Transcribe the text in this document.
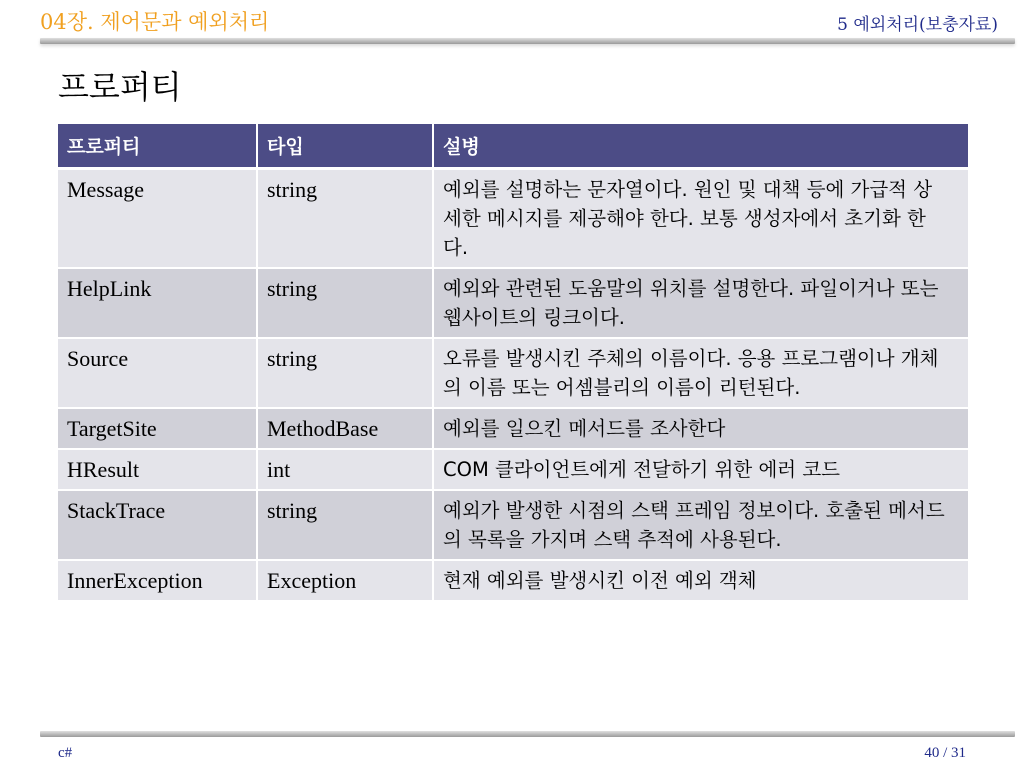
04장. 제어문과 예외처리	5 예외처리(보충자료)
프로퍼티
프로퍼티	타입	설병
Message	string	예외를 설명하는 문자열이다. 원인 및 대책 등에 가급적 상세한 메시지를 제공해야 한다. 보통 생성자에서 초기화 한다.
HelpLink	string	예외와 관련된 도움말의 위치를 설명한다. 파일이거나 또는 웹사이트의 링크이다.
Source	string	오류를 발생시킨 주체의 이름이다. 응용 프로그램이나 개체의 이름 또는 어셈블리의 이름이 리턴된다.
TargetSite	MethodBase	예외를 일으킨 메서드를 조사한다
HResult	int	COM 클라이언트에게 전달하기 위한 에러 코드
StackTrace	string	예외가 발생한 시점의 스택 프레임 정보이다. 호출된 메서드의 목록을 가지며 스택 추적에 사용된다.
InnerException	Exception	현재 예외를 발생시킨 이전 예외 객체
c#	40 / 31
